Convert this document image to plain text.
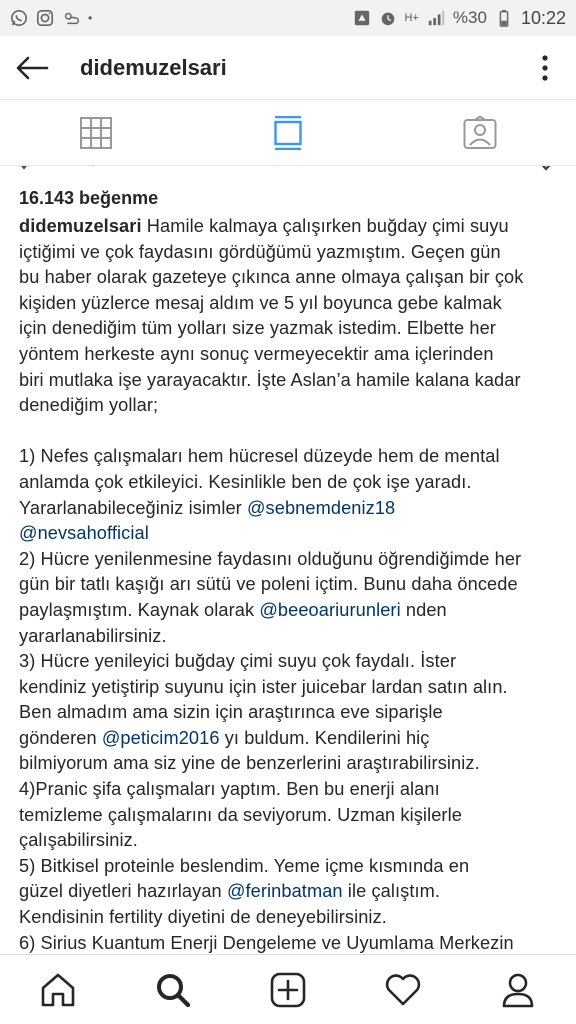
•	H+ %30 10:22
didemuzelsari
16.143 beğenme
didemuzelsari Hamile kalmaya çalışırken buğday çimi suyu
içtiğimi ve çok faydasını gördüğümü yazmıştım. Geçen gün
bu haber olarak gazeteye çıkınca anne olmaya çalışan bir çok
kişiden yüzlerce mesaj aldım ve 5 yıl boyunca gebe kalmak
için denediğim tüm yolları size yazmak istedim. Elbette her
yöntem herkeste aynı sonuç vermeyecektir ama içlerinden
biri mutlaka işe yarayacaktır. İşte Aslan’a hamile kalana kadar
denediğim yollar;
1) Nefes çalışmaları hem hücresel düzeyde hem de mental
anlamda çok etkileyici. Kesinlikle ben de çok işe yaradı.
Yararlanabileceğiniz isimler @sebnemdeniz18
@nevsahofficial
2) Hücre yenilenmesine faydasını olduğunu öğrendiğimde her
gün bir tatlı kaşığı arı sütü ve poleni içtim. Bunu daha öncede
paylaşmıştım. Kaynak olarak @beeoariurunleri nden
yararlanabilirsiniz.
3) Hücre yenileyici buğday çimi suyu çok faydalı. İster
kendiniz yetiştirip suyunu için ister juicebar lardan satın alın.
Ben almadım ama sizin için araştırınca eve siparişle
gönderen @peticim2016 yı buldum. Kendilerini hiç
bilmiyorum ama siz yine de benzerlerini araştırabilirsiniz.
4)Pranic şifa çalışmaları yaptım. Ben bu enerji alanı
temizleme çalışmalarını da seviyorum. Uzman kişilerle
çalışabilirsiniz.
5) Bitkisel proteinle beslendim. Yeme içme kısmında en
güzel diyetleri hazırlayan @ferinbatman ile çalıştım.
Kendisinin fertility diyetini de deneyebilirsiniz.
6) Sirius Kuantum Enerji Dengeleme ve Uyumlama Merkezin
